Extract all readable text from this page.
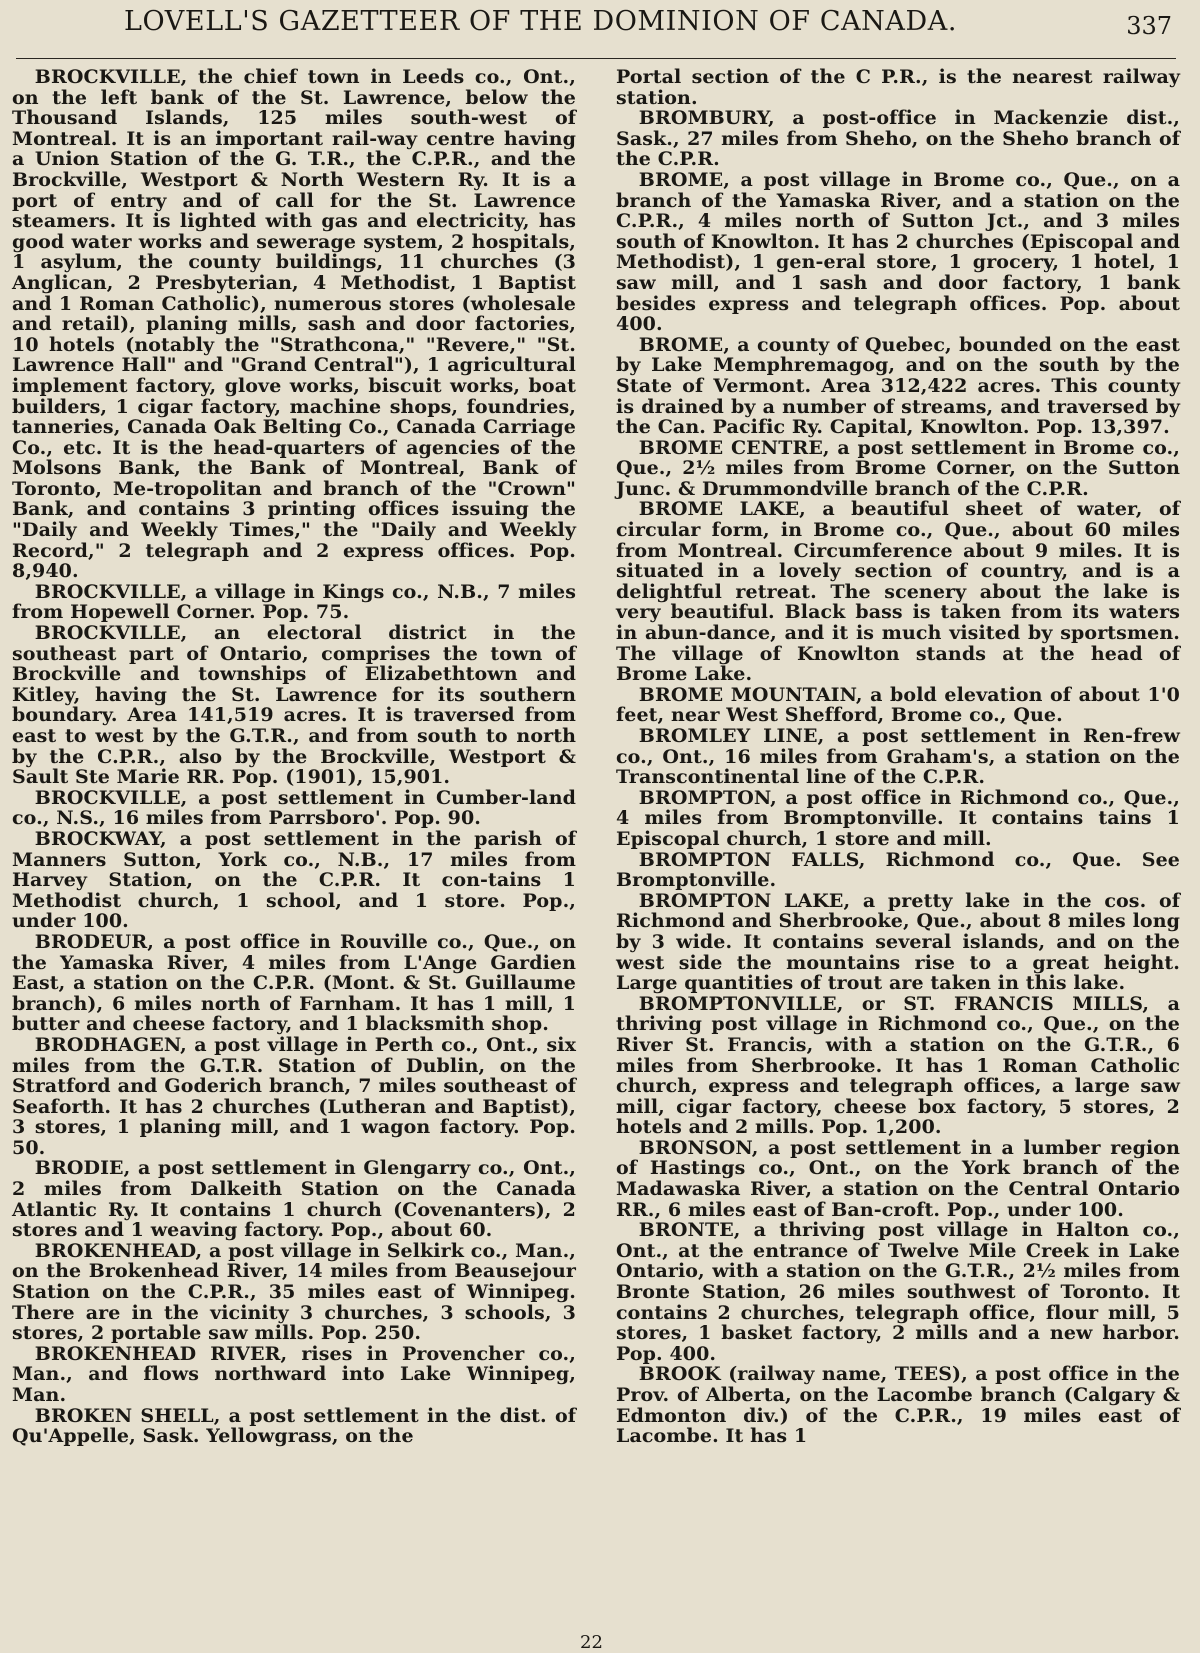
LOVELL'S GAZETTEER OF THE DOMINION OF CANADA.	337

BROCKVILLE, the chief town in Leeds co., Ont., on the left bank of the St. Lawrence, below the Thousand Islands, 125 miles south-west of Montreal. It is an important rail-way centre having a Union Station of the G. T.R., the C.P.R., and the Brockville, Westport & North Western Ry. It is a port of entry and of call for the St. Lawrence steamers. It is lighted with gas and electricity, has good water works and sewerage system, 2 hospitals, 1 asylum, the county buildings, 11 churches (3 Anglican, 2 Presbyterian, 4 Methodist, 1 Baptist and 1 Roman Catholic), numerous stores (wholesale and retail), planing mills, sash and door factories, 10 hotels (notably the "Strathcona," "Revere," "St. Lawrence Hall" and "Grand Central"), 1 agricultural implement factory, glove works, biscuit works, boat builders, 1 cigar factory, machine shops, foundries, tanneries, Canada Oak Belting Co., Canada Carriage Co., etc. It is the head-quarters of agencies of the Molsons Bank, the Bank of Montreal, Bank of Toronto, Me-tropolitan and branch of the "Crown" Bank, and contains 3 printing offices issuing the "Daily and Weekly Times," the "Daily and Weekly Record," 2 telegraph and 2 express offices. Pop. 8,940.

BROCKVILLE, a village in Kings co., N.B., 7 miles from Hopewell Corner. Pop. 75.

BROCKVILLE, an electoral district in the southeast part of Ontario, comprises the town of Brockville and townships of Elizabethtown and Kitley, having the St. Lawrence for its southern boundary. Area 141,519 acres. It is traversed from east to west by the G.T.R., and from south to north by the C.P.R., also by the Brockville, Westport & Sault Ste Marie RR. Pop. (1901), 15,901.

BROCKVILLE, a post settlement in Cumber-land co., N.S., 16 miles from Parrsboro'. Pop. 90.

BROCKWAY, a post settlement in the parish of Manners Sutton, York co., N.B., 17 miles from Harvey Station, on the C.P.R. It con-tains 1 Methodist church, 1 school, and 1 store. Pop., under 100.

BRODEUR, a post office in Rouville co., Que., on the Yamaska River, 4 miles from L'Ange Gardien East, a station on the C.P.R. (Mont. & St. Guillaume branch), 6 miles north of Farnham. It has 1 mill, 1 butter and cheese factory, and 1 blacksmith shop.

BRODHAGEN, a post village in Perth co., Ont., six miles from the G.T.R. Station of Dublin, on the Stratford and Goderich branch, 7 miles southeast of Seaforth. It has 2 churches (Lutheran and Baptist), 3 stores, 1 planing mill, and 1 wagon factory. Pop. 50.

BRODIE, a post settlement in Glengarry co., Ont., 2 miles from Dalkeith Station on the Canada Atlantic Ry. It contains 1 church (Covenanters), 2 stores and 1 weaving factory. Pop., about 60.

BROKENHEAD, a post village in Selkirk co., Man., on the Brokenhead River, 14 miles from Beausejour Station on the C.P.R., 35 miles east of Winnipeg. There are in the vicinity 3 churches, 3 schools, 3 stores, 2 portable saw mills. Pop. 250.

BROKENHEAD RIVER, rises in Provencher co., Man., and flows northward into Lake Winnipeg, Man.

BROKEN SHELL, a post settlement in the dist. of Qu'Appelle, Sask. Yellowgrass, on the

Portal section of the C P.R., is the nearest railway station.

BROMBURY, a post-office in Mackenzie dist., Sask., 27 miles from Sheho, on the Sheho branch of the C.P.R.

BROME, a post village in Brome co., Que., on a branch of the Yamaska River, and a station on the C.P.R., 4 miles north of Sutton Jct., and 3 miles south of Knowlton. It has 2 churches (Episcopal and Methodist), 1 gen-eral store, 1 grocery, 1 hotel, 1 saw mill, and 1 sash and door factory, 1 bank besides express and telegraph offices. Pop. about 400.

BROME, a county of Quebec, bounded on the east by Lake Memphremagog, and on the south by the State of Vermont. Area 312,422 acres. This county is drained by a number of streams, and traversed by the Can. Pacific Ry. Capital, Knowlton. Pop. 13,397.

BROME CENTRE, a post settlement in Brome co., Que., 2½ miles from Brome Corner, on the Sutton Junc. & Drummondville branch of the C.P.R.

BROME LAKE, a beautiful sheet of water, of circular form, in Brome co., Que., about 60 miles from Montreal. Circumference about 9 miles. It is situated in a lovely section of country, and is a delightful retreat. The scenery about the lake is very beautiful. Black bass is taken from its waters in abun-dance, and it is much visited by sportsmen. The village of Knowlton stands at the head of Brome Lake.

BROME MOUNTAIN, a bold elevation of about 1'0 feet, near West Shefford, Brome co., Que.

BROMLEY LINE, a post settlement in Ren-frew co., Ont., 16 miles from Graham's, a station on the Transcontinental line of the C.P.R.

BROMPTON, a post office in Richmond co., Que., 4 miles from Bromptonville. It contains tains 1 Episcopal church, 1 store and mill.

BROMPTON FALLS, Richmond co., Que. See Bromptonville.

BROMPTON LAKE, a pretty lake in the cos. of Richmond and Sherbrooke, Que., about 8 miles long by 3 wide. It contains several islands, and on the west side the mountains rise to a great height. Large quantities of trout are taken in this lake.

BROMPTONVILLE, or ST. FRANCIS MILLS, a thriving post village in Richmond co., Que., on the River St. Francis, with a station on the G.T.R., 6 miles from Sherbrooke. It has 1 Roman Catholic church, express and telegraph offices, a large saw mill, cigar factory, cheese box factory, 5 stores, 2 hotels and 2 mills. Pop. 1,200.

BRONSON, a post settlement in a lumber region of Hastings co., Ont., on the York branch of the Madawaska River, a station on the Central Ontario RR., 6 miles east of Ban-croft. Pop., under 100.

BRONTE, a thriving post village in Halton co., Ont., at the entrance of Twelve Mile Creek in Lake Ontario, with a station on the G.T.R., 2½ miles from Bronte Station, 26 miles southwest of Toronto. It contains 2 churches, telegraph office, flour mill, 5 stores, 1 basket factory, 2 mills and a new harbor. Pop. 400.

BROOK (railway name, TEES), a post office in the Prov. of Alberta, on the Lacombe branch (Calgary & Edmonton div.) of the C.P.R., 19 miles east of Lacombe. It has 1

22
